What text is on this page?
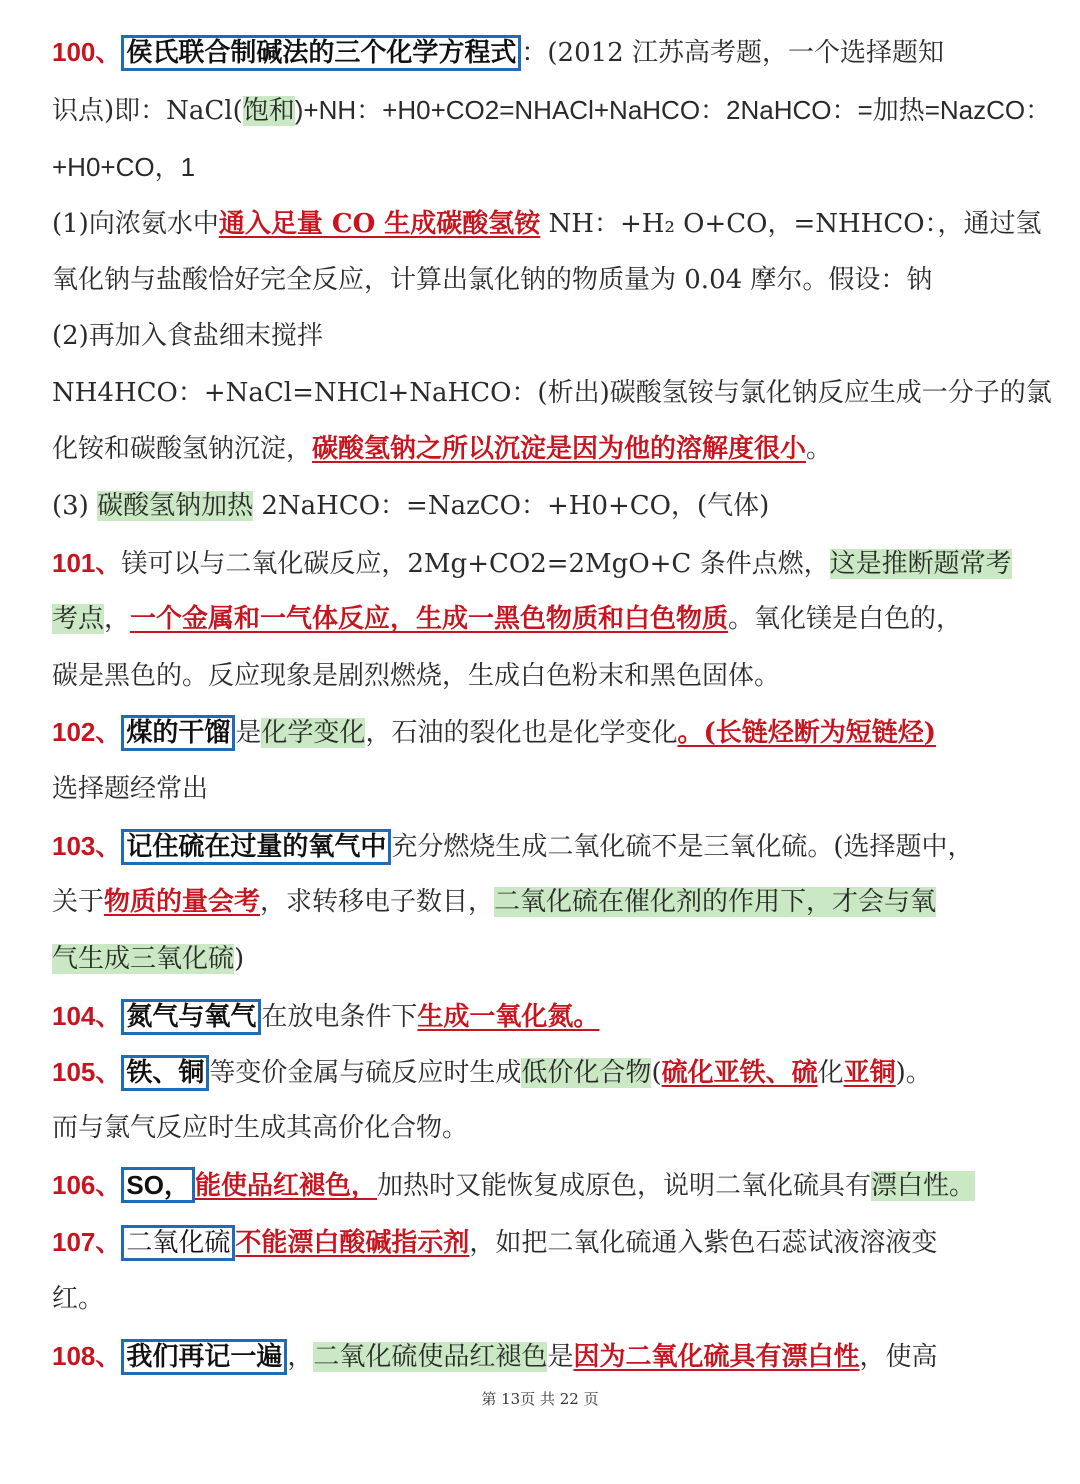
100、 侯氏联合制碱法的三个化学方程式 ：(2012 江苏高考题，一个选择题知
识点)即：NaCl(饱和)+NH：+H0+CO2=NHACl+NaHCO：2NaHCO：=加热=NazCO：
+H0+CO，1
(1)向浓氨水中通入足量 CO 生成碳酸氢铵 NH：+H₂ O+CO，=NHHCO：，通过氢
氧化钠与盐酸恰好完全反应，计算出氯化钠的物质量为 0.04 摩尔。假设：钠
(2)再加入食盐细末搅拌
NH4HCO：+NaCl=NHCl+NaHCO：(析出)碳酸氢铵与氯化钠反应生成一分子的氯
化铵和碳酸氢钠沉淀，碳酸氢钠之所以沉淀是因为他的溶解度很小。
(3) 碳酸氢钠加热 2NaHCO：=NazCO：+H0+CO，(气体)
101、镁可以与二氧化碳反应，2Mg+CO2=2MgO+C 条件点燃，这是推断题常考
考点，一个金属和一气体反应，生成一黑色物质和白色物质。氧化镁是白色的，
碳是黑色的。反应现象是剧烈燃烧，生成白色粉末和黑色固体。
102、 煤的干馏 是化学变化，石油的裂化也是化学变化。(长链烃断为短链烃)
选择题经常出
103、 记住硫在过量的氧气中 充分燃烧生成二氧化硫不是三氧化硫。(选择题中，
关于物质的量会考，求转移电子数目，二氧化硫在催化剂的作用下，才会与氧
气生成三氧化硫)
104、 氮气与氧气 在放电条件下生成一氧化氮。
105、 铁、铜 等变价金属与硫反应时生成低价化合物(硫化亚铁、硫化亚铜)。
而与氯气反应时生成其高价化合物。
106、 SO， 能使品红褪色，加热时又能恢复成原色，说明二氧化硫具有漂白性。
107、 二氧化硫 不能漂白酸碱指示剂，如把二氧化硫通入紫色石蕊试液溶液变
红。
108、 我们再记一遍 ，二氧化硫使品红褪色是因为二氧化硫具有漂白性，使高
第 13页 共 22 页
